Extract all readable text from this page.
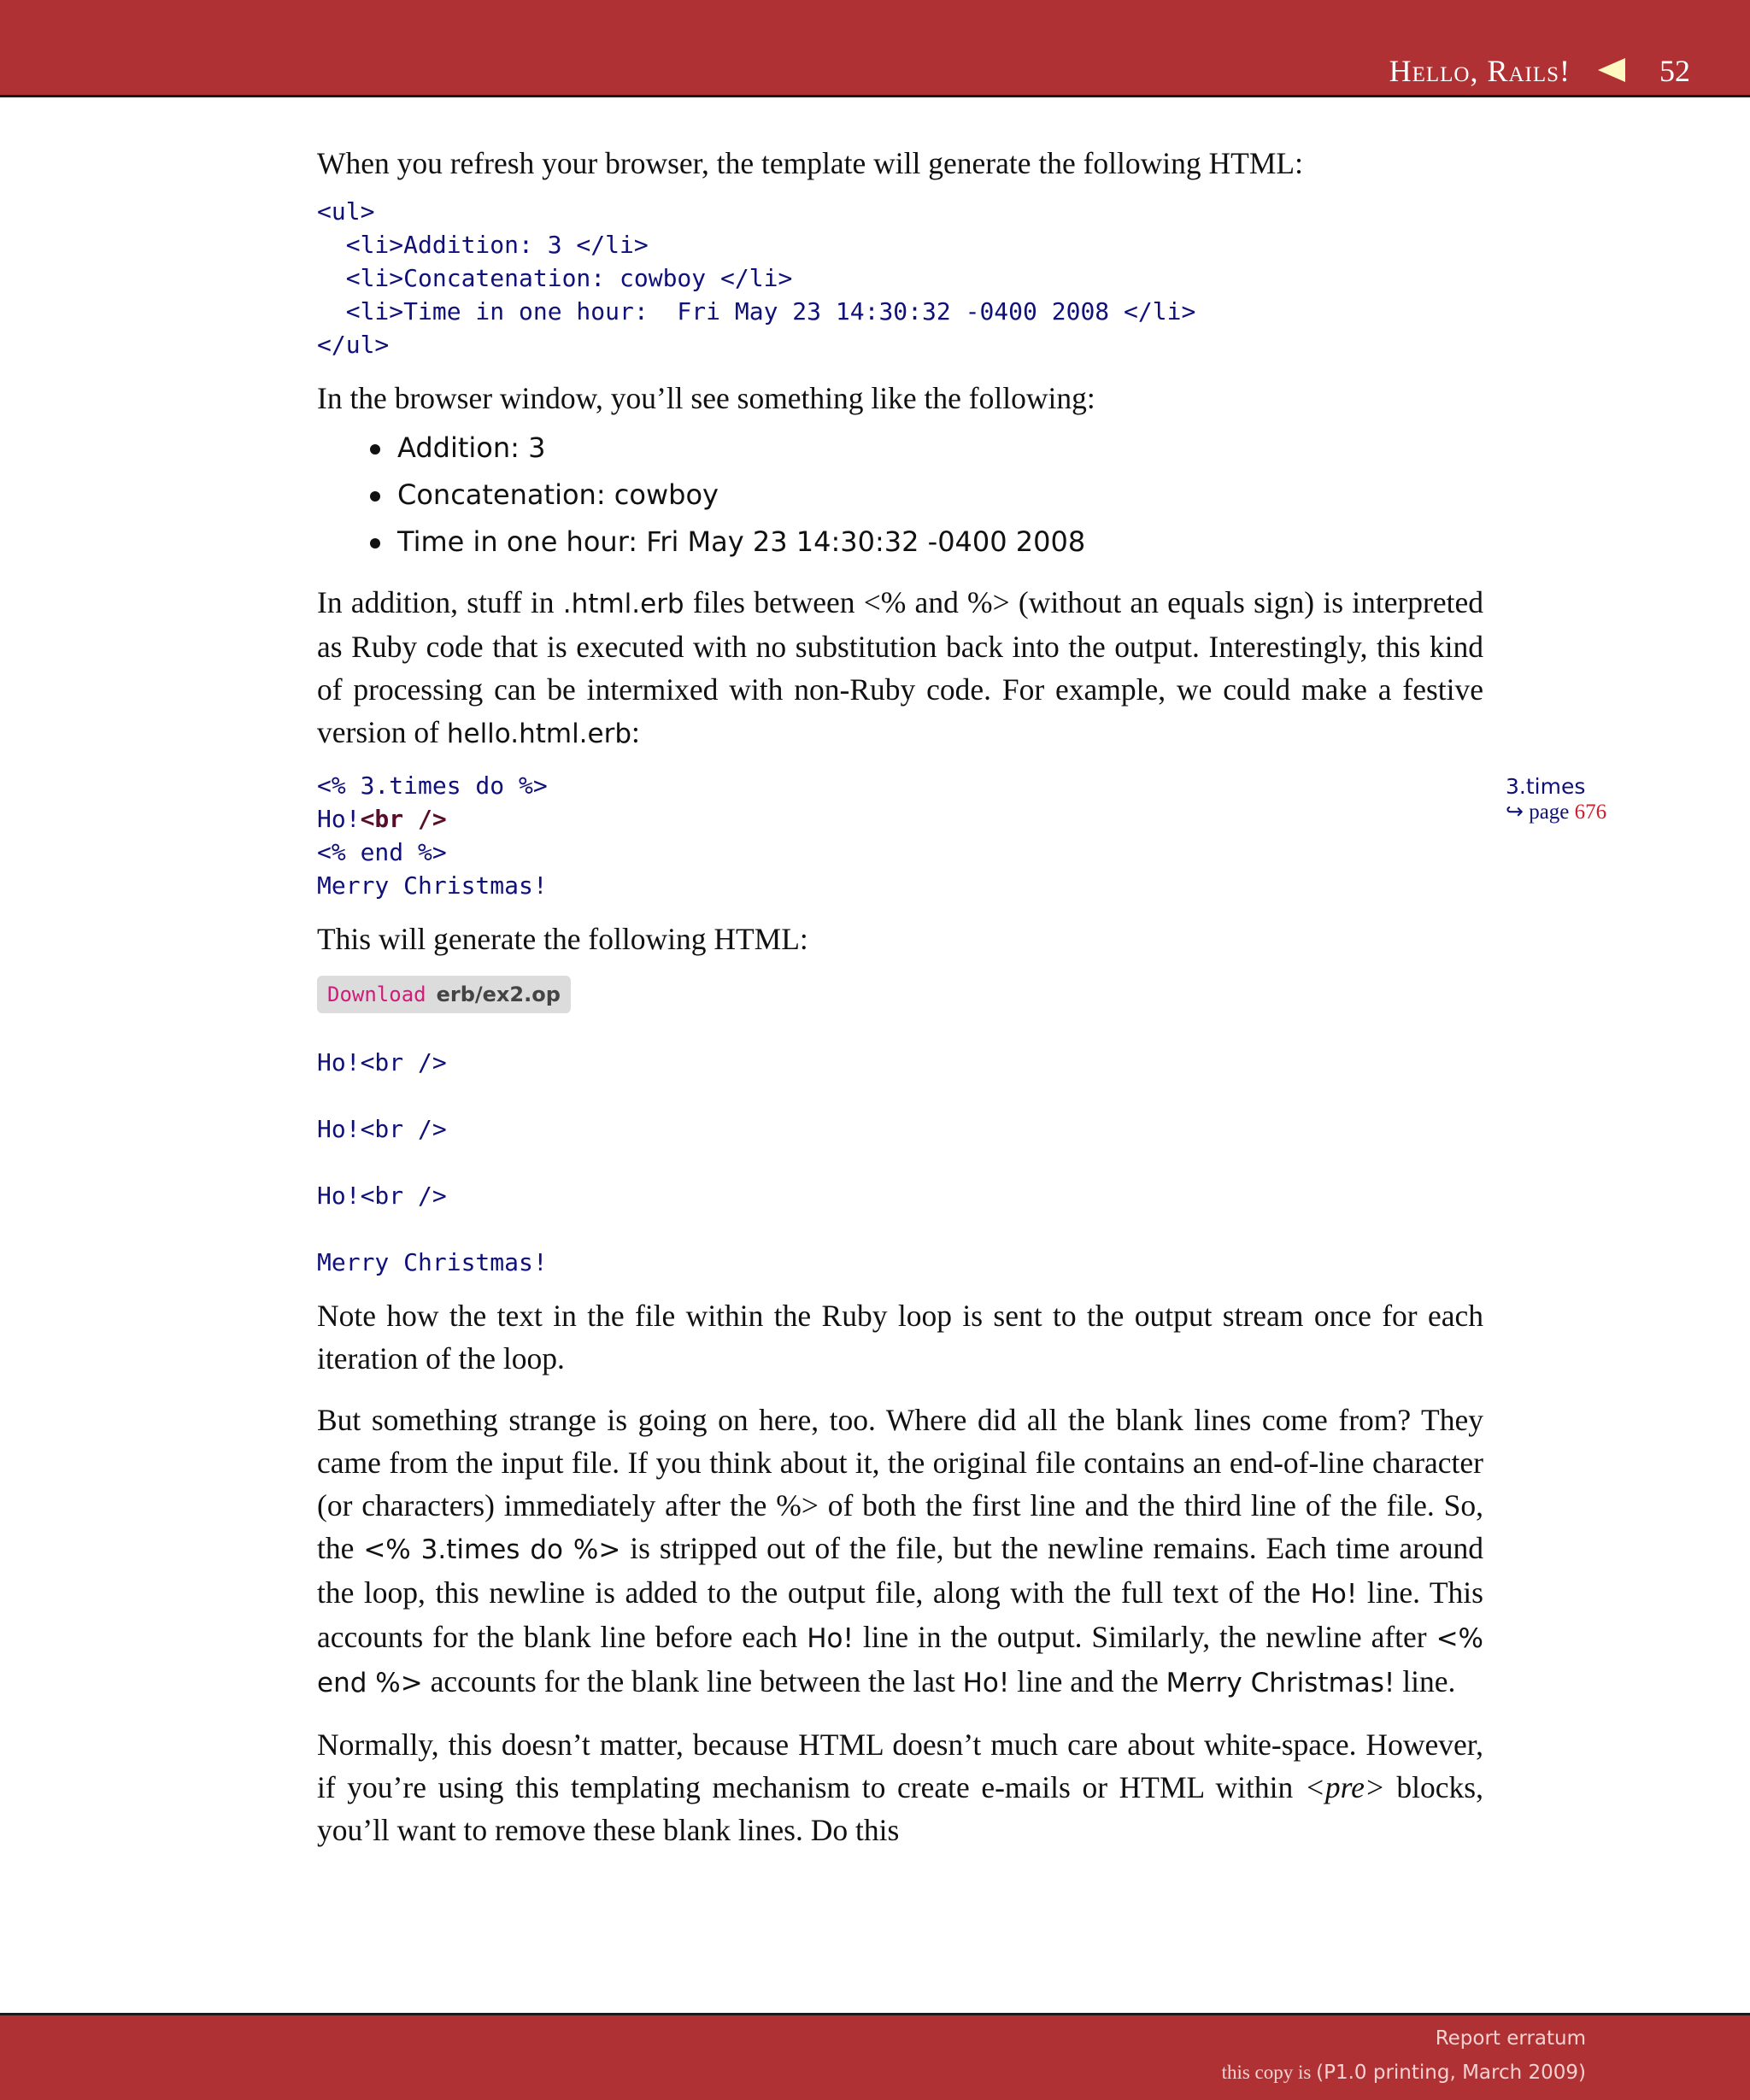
Hello, Rails!	52

When you refresh your browser, the template will generate the following HTML:

<ul>
<li>Addition: 3 </li>
<li>Concatenation: cowboy </li>
<li>Time in one hour:  Fri May 23 14:30:32 -0400 2008 </li>
</ul>

In the browser window, you’ll see something like the following:

Addition: 3
Concatenation: cowboy
Time in one hour: Fri May 23 14:30:32 -0400 2008

In addition, stuff in .html.erb files between <% and %> (without an equals sign) is interpreted as Ruby code that is executed with no substitution back into the output. Interestingly, this kind of processing can be intermixed with non-Ruby code. For example, we could make a festive version of hello.html.erb:

<% 3.times do %>
Ho!<br />
<% end %>
Merry Christmas!

This will generate the following HTML:

Download erb/ex2.op
Ho!<br />
Ho!<br />
Ho!<br />
Merry Christmas!

Note how the text in the file within the Ruby loop is sent to the output stream once for each iteration of the loop.

But something strange is going on here, too. Where did all the blank lines come from? They came from the input file. If you think about it, the original file contains an end-of-line character (or characters) immediately after the %> of both the first line and the third line of the file. So, the <% 3.times do %> is stripped out of the file, but the newline remains. Each time around the loop, this newline is added to the output file, along with the full text of the Ho! line. This accounts for the blank line before each Ho! line in the output. Similarly, the newline after <% end %> accounts for the blank line between the last Ho! line and the Merry Christmas! line.

Normally, this doesn’t matter, because HTML doesn’t much care about white-space. However, if you’re using this templating mechanism to create e-mails or HTML within <pre> blocks, you’ll want to remove these blank lines. Do this

3.times
↪ page 676
Report erratum
this copy is (P1.0 printing, March 2009)
